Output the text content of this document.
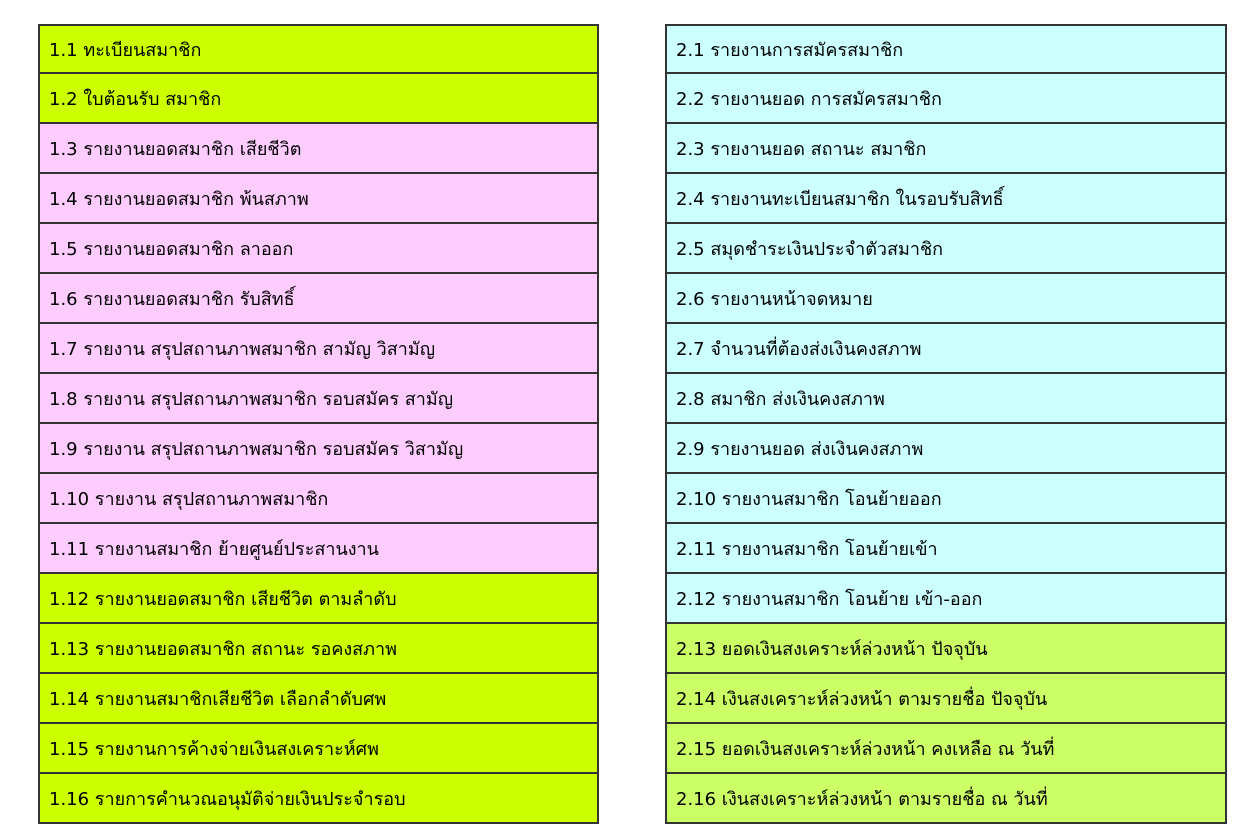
1.1 ทะเบียนสมาชิก
1.2 ใบต้อนรับ สมาชิก
1.3 รายงานยอดสมาชิก เสียชีวิต
1.4 รายงานยอดสมาชิก พ้นสภาพ
1.5 รายงานยอดสมาชิก ลาออก
1.6 รายงานยอดสมาชิก รับสิทธิ์
1.7 รายงาน สรุปสถานภาพสมาชิก สามัญ วิสามัญ
1.8 รายงาน สรุปสถานภาพสมาชิก รอบสมัคร สามัญ
1.9 รายงาน สรุปสถานภาพสมาชิก รอบสมัคร วิสามัญ
1.10 รายงาน สรุปสถานภาพสมาชิก
1.11 รายงานสมาชิก ย้ายศูนย์ประสานงาน
1.12 รายงานยอดสมาชิก เสียชีวิต ตามลำดับ
1.13 รายงานยอดสมาชิก สถานะ รอคงสภาพ
1.14 รายงานสมาชิกเสียชีวิต เลือกลำดับศพ
1.15 รายงานการค้างจ่ายเงินสงเคราะห์ศพ
1.16 รายการคำนวณอนุมัติจ่ายเงินประจำรอบ
2.1 รายงานการสมัครสมาชิก
2.2 รายงานยอด การสมัครสมาชิก
2.3 รายงานยอด สถานะ สมาชิก
2.4 รายงานทะเบียนสมาชิก ในรอบรับสิทธิ์
2.5 สมุดชำระเงินประจำตัวสมาชิก
2.6 รายงานหน้าจดหมาย
2.7 จำนวนที่ต้องส่งเงินคงสภาพ
2.8 สมาชิก ส่งเงินคงสภาพ
2.9 รายงานยอด ส่งเงินคงสภาพ
2.10 รายงานสมาชิก โอนย้ายออก
2.11 รายงานสมาชิก โอนย้ายเข้า
2.12 รายงานสมาชิก โอนย้าย เข้า-ออก
2.13 ยอดเงินสงเคราะห์ล่วงหน้า ปัจจุบัน
2.14 เงินสงเคราะห์ล่วงหน้า ตามรายชื่อ ปัจจุบัน
2.15 ยอดเงินสงเคราะห์ล่วงหน้า คงเหลือ ณ วันที่
2.16 เงินสงเคราะห์ล่วงหน้า ตามรายชื่อ ณ วันที่
